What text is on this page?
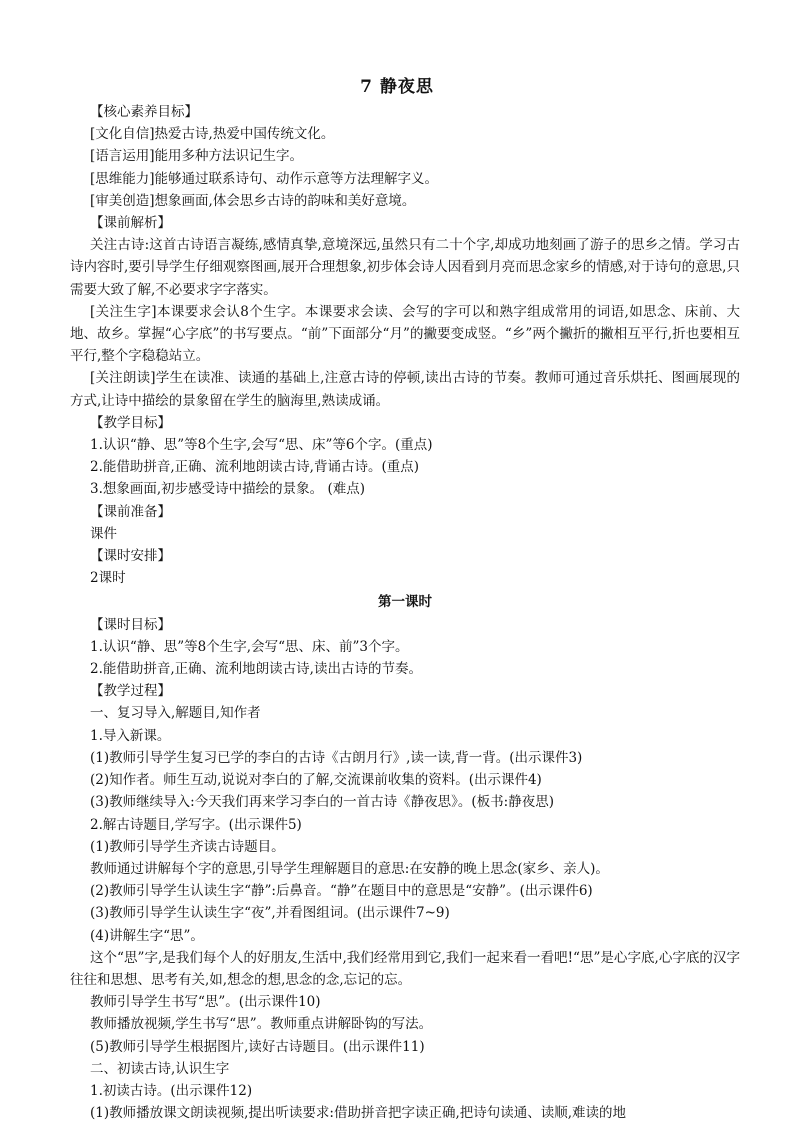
7 静夜思
【核心素养目标】
[文化自信]热爱古诗,热爱中国传统文化。
[语言运用]能用多种方法识记生字。
[思维能力]能够通过联系诗句、动作示意等方法理解字义。
[审美创造]想象画面,体会思乡古诗的韵味和美好意境。
【课前解析】
关注古诗:这首古诗语言凝练,感情真挚,意境深远,虽然只有二十个字,却成功地刻画了游子的思乡之情。学习古诗内容时,要引导学生仔细观察图画,展开合理想象,初步体会诗人因看到月亮而思念家乡的情感,对于诗句的意思,只需要大致了解,不必要求字字落实。
[关注生字]本课要求会认8个生字。本课要求会读、会写的字可以和熟字组成常用的词语,如思念、床前、大地、故乡。掌握“心字底”的书写要点。“前”下面部分“月”的撇要变成竖。“乡”两个撇折的撇相互平行,折也要相互平行,整个字稳稳站立。
[关注朗读]学生在读准、读通的基础上,注意古诗的停顿,读出古诗的节奏。教师可通过音乐烘托、图画展现的方式,让诗中描绘的景象留在学生的脑海里,熟读成诵。
【教学目标】
1.认识“静、思”等8个生字,会写“思、床”等6个字。(重点)
2.能借助拼音,正确、流利地朗读古诗,背诵古诗。(重点)
3.想象画面,初步感受诗中描绘的景象。 (难点)
【课前准备】
课件
【课时安排】
2课时
第一课时
【课时目标】
1.认识“静、思”等8个生字,会写“思、床、前”3个字。
2.能借助拼音,正确、流利地朗读古诗,读出古诗的节奏。
【教学过程】
一、复习导入,解题目,知作者
1.导入新课。
(1)教师引导学生复习已学的李白的古诗《古朗月行》,读一读,背一背。(出示课件3)
(2)知作者。师生互动,说说对李白的了解,交流课前收集的资料。(出示课件4)
(3)教师继续导入:今天我们再来学习李白的一首古诗《静夜思》。(板书:静夜思)
2.解古诗题目,学写字。(出示课件5)
(1)教师引导学生齐读古诗题目。
教师通过讲解每个字的意思,引导学生理解题目的意思:在安静的晚上思念(家乡、亲人)。
(2)教师引导学生认读生字“静”:后鼻音。“静”在题目中的意思是“安静”。(出示课件6)
(3)教师引导学生认读生字“夜”,并看图组词。(出示课件7~9)
(4)讲解生字“思”。
这个“思”字,是我们每个人的好朋友,生活中,我们经常用到它,我们一起来看一看吧!“思”是心字底,心字底的汉字往往和思想、思考有关,如,想念的想,思念的念,忘记的忘。
教师引导学生书写“思”。(出示课件10)
教师播放视频,学生书写“思”。教师重点讲解卧钩的写法。
(5)教师引导学生根据图片,读好古诗题目。(出示课件11)
二、初读古诗,认识生字
1.初读古诗。(出示课件12)
(1)教师播放课文朗读视频,提出听读要求:借助拼音把字读正确,把诗句读通、读顺,难读的地
